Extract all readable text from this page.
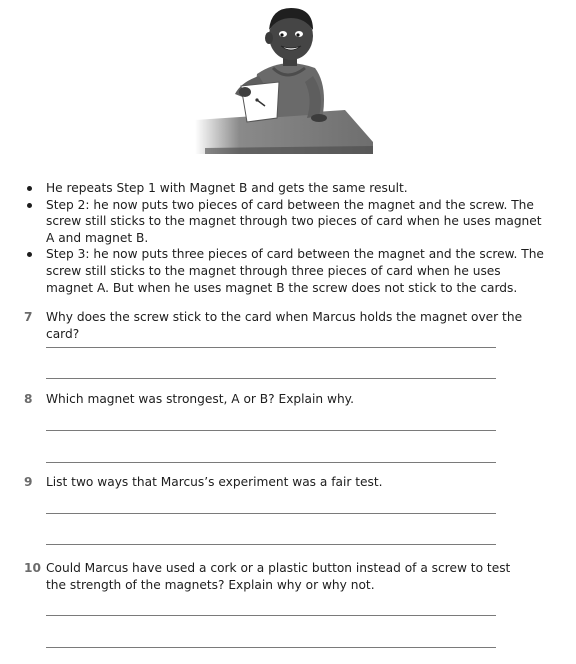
He repeats Step 1 with Magnet B and gets the same result.
Step 2: he now puts two pieces of card between the magnet and the screw. The screw still sticks to the magnet through two pieces of card when he uses magnet A and magnet B.
Step 3: he now puts three pieces of card between the magnet and the screw. The screw still sticks to the magnet through three pieces of card when he uses magnet A. But when he uses magnet B the screw does not stick to the cards.
7	Why does the screw stick to the card when Marcus holds the magnet over the card?
8	Which magnet was strongest, A or B? Explain why.
9	List two ways that Marcus’s experiment was a fair test.
10 Could Marcus have used a cork or a plastic button instead of a screw to test the strength of the magnets? Explain why or why not.
